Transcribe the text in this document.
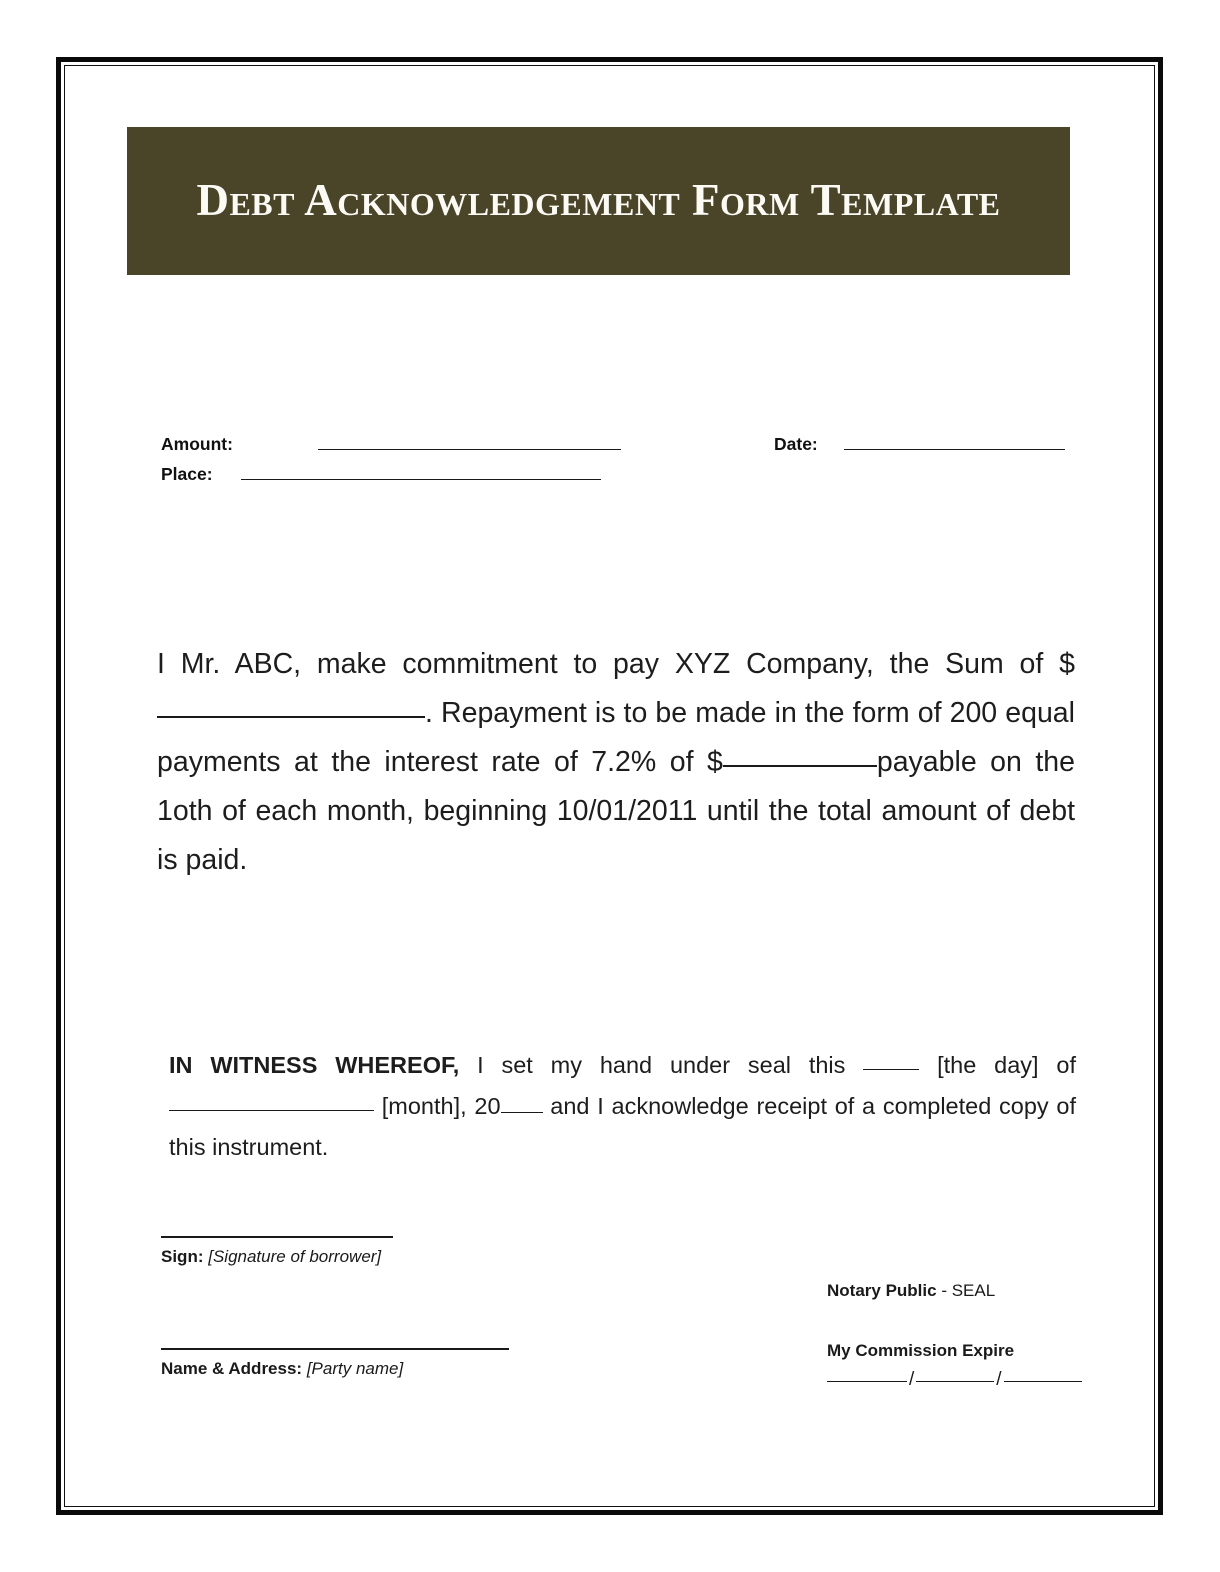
Debt Acknowledgement Form Template
Amount:
Place:
Date:

I Mr. ABC, make commitment to pay XYZ Company, the Sum of $. Repayment is to be made in the form of 200 equal payments at the interest rate of 7.2% of $	payable on the 1oth of each month, beginning 10/01/2011 until the total amount of debt is paid.

IN WITNESS WHEREOF, I set my hand under seal this	[the day] of  [month], 20 and I acknowledge receipt of a completed copy of this instrument.

Sign: [Signature of borrower]
Name & Address: [Party name]
Notary Public - SEAL
My Commission Expire
/	/
